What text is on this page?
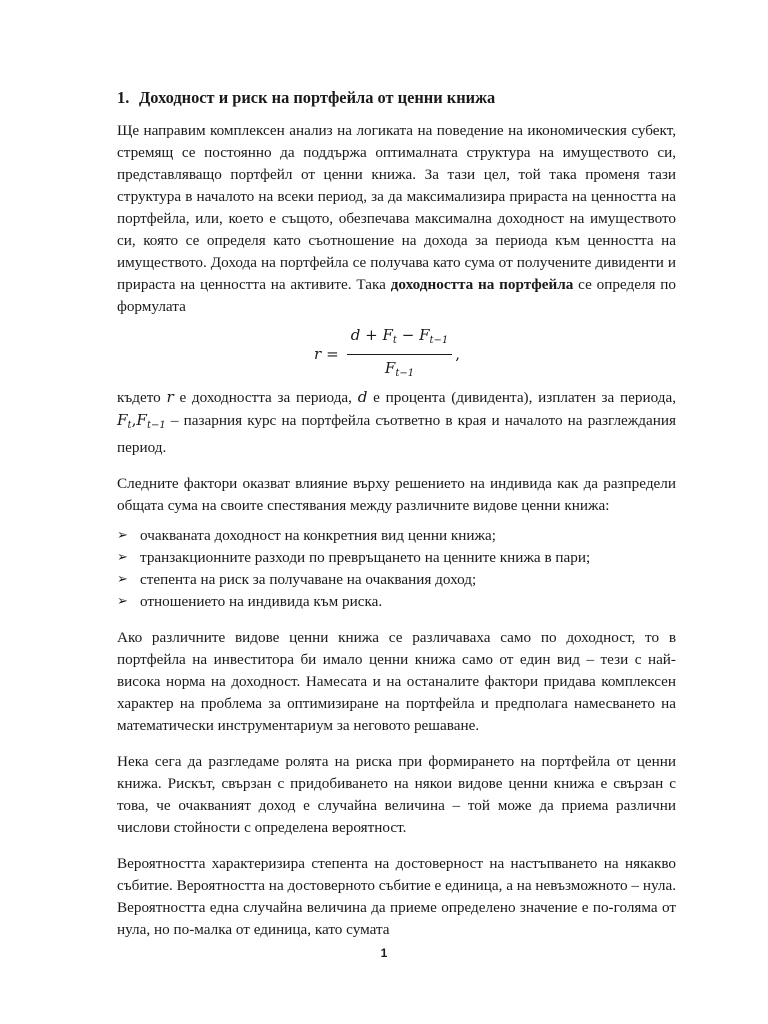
1. Доходност и риск на портфейла от ценни книжа

Ще направим комплексен анализ на логиката на поведение на икономическия субект, стремящ се постоянно да поддържа оптималната структура на имуществото си, представляващо портфейл от ценни книжа. За тази цел, той така променя тази структура в началото на всеки период, за да максимализира прираста на ценността на портфейла, или, което е същото, обезпечава максимална доходност на имуществото си, която се определя като съотношение на дохода за периода към ценността на имуществото. Дохода на портфейла се получава като сума от получените дивиденти и прираста на ценността на активите. Така доходността на портфейла се определя по формулата

$r = \frac{d + F_t - F_{t-1}}{F_{t-1}}$ ,

където r е доходността за периода, d е процента (дивидента), изплатен за периода, $F_t,F_{t-1}$ – пазарния курс на портфейла съответно в края и началото на разглеждания период.

Следните фактори оказват влияние върху решението на индивида как да разпредели общата сума на своите спестявания между различните видове ценни книжа:

➢ очакваната доходност на конкретния вид ценни книжа;
➢ транзакционните разходи по превръщането на ценните книжа в пари;
➢ степента на риск за получаване на очаквания доход;
➢ отношението на индивида към риска.

Ако различните видове ценни книжа се различаваха само по доходност, то в портфейла на инвеститора би имало ценни книжа само от един вид – тези с най-висока норма на доходност. Намесата и на останалите фактори придава комплексен характер на проблема за оптимизиране на портфейла и предполага намесването на математически инструментариум за неговото решаване.

Нека сега да разгледаме ролята на риска при формирането на портфейла от ценни книжа. Рискът, свързан с придобиването на някои видове ценни книжа е свързан с това, че очакваният доход е случайна величина – той може да приема различни числови стойности с определена вероятност.

Вероятността характеризира степента на достоверност на настъпването на някакво събитие. Вероятността на достоверното събитие е единица, а на невъзможното – нула. Вероятността една случайна величина да приеме определено значение е по-голяма от нула, но по-малка от единица, като сумата

1
